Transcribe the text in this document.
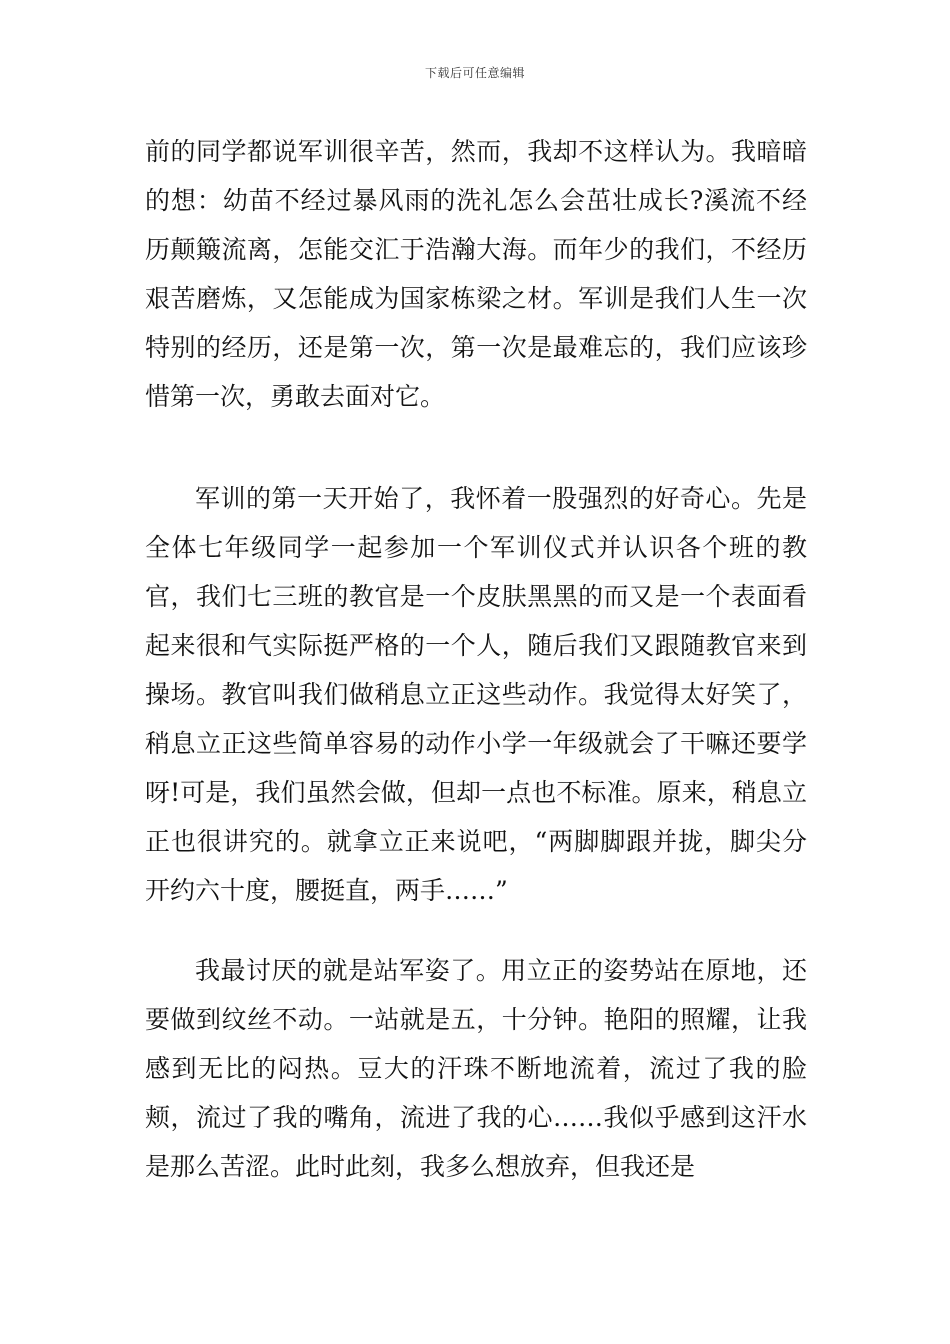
下载后可任意编辑

前的同学都说军训很辛苦，然而，我却不这样认为。我暗暗的想：幼苗不经过暴风雨的洗礼怎么会茁壮成长?溪流不经历颠簸流离，怎能交汇于浩瀚大海。而年少的我们，不经历艰苦磨炼，又怎能成为国家栋梁之材。军训是我们人生一次特别的经历，还是第一次，第一次是最难忘的，我们应该珍惜第一次，勇敢去面对它。

军训的第一天开始了，我怀着一股强烈的好奇心。先是全体七年级同学一起参加一个军训仪式并认识各个班的教官，我们七三班的教官是一个皮肤黑黑的而又是一个表面看起来很和气实际挺严格的一个人，随后我们又跟随教官来到操场。教官叫我们做稍息立正这些动作。我觉得太好笑了，稍息立正这些简单容易的动作小学一年级就会了干嘛还要学呀!可是，我们虽然会做，但却一点也不标准。原来，稍息立正也很讲究的。就拿立正来说吧，“两脚脚跟并拢，脚尖分开约六十度，腰挺直，两手……”

我最讨厌的就是站军姿了。用立正的姿势站在原地，还要做到纹丝不动。一站就是五，十分钟。艳阳的照耀，让我感到无比的闷热。豆大的汗珠不断地流着，流过了我的脸颊，流过了我的嘴角，流进了我的心……我似乎感到这汗水是那么苦涩。此时此刻，我多么想放弃，但我还是
